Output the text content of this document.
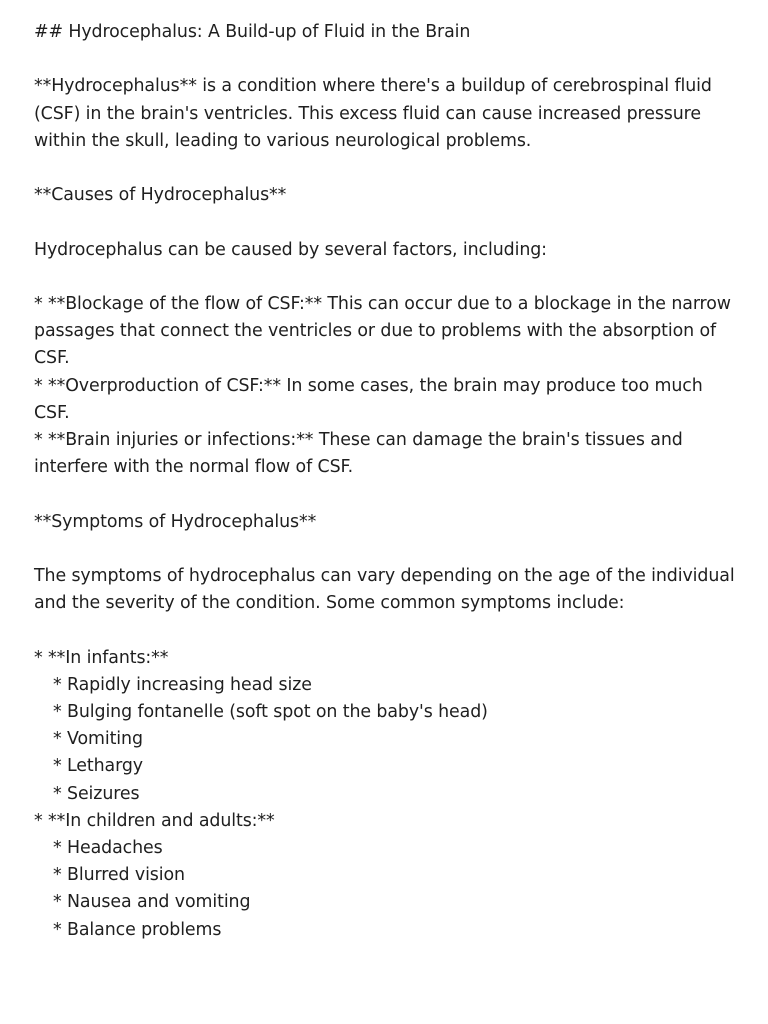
## Hydrocephalus: A Build-up of Fluid in the Brain
**Hydrocephalus** is a condition where there's a buildup of cerebrospinal fluid (CSF) in the brain's ventricles. This excess fluid can cause increased pressure within the skull, leading to various neurological problems.
**Causes of Hydrocephalus**
Hydrocephalus can be caused by several factors, including:
* **Blockage of the flow of CSF:** This can occur due to a blockage in the narrow passages that connect the ventricles or due to problems with the absorption of CSF.
* **Overproduction of CSF:** In some cases, the brain may produce too much CSF.
* **Brain injuries or infections:** These can damage the brain's tissues and interfere with the normal flow of CSF.
**Symptoms of Hydrocephalus**
The symptoms of hydrocephalus can vary depending on the age of the individual and the severity of the condition. Some common symptoms include:
* **In infants:**
* Rapidly increasing head size
* Bulging fontanelle (soft spot on the baby's head)
* Vomiting
* Lethargy
* Seizures
* **In children and adults:**
* Headaches
* Blurred vision
* Nausea and vomiting
* Balance problems
